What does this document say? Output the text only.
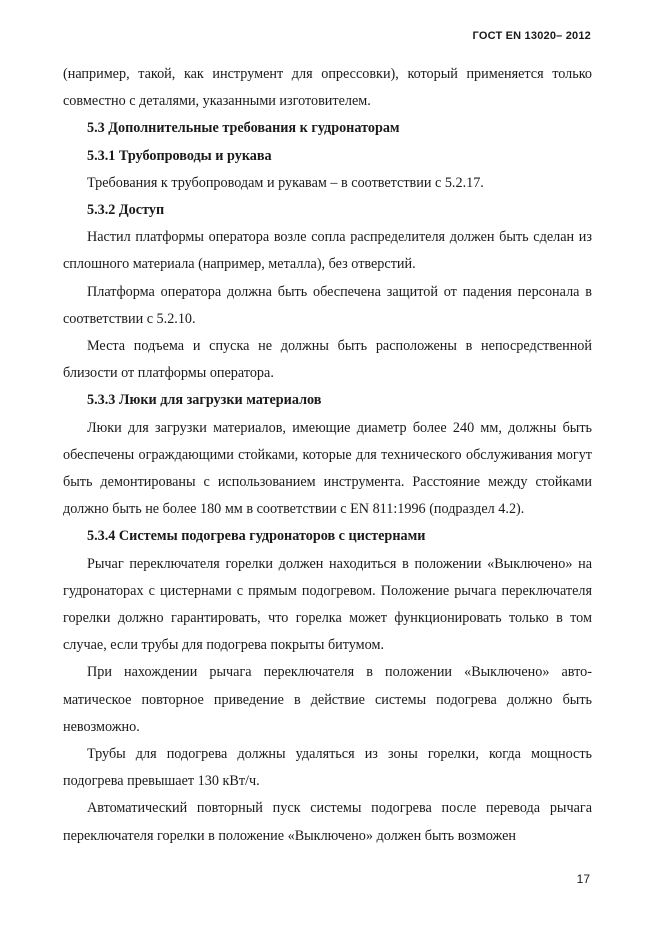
ГОСТ EN 13020– 2012

(например, такой, как инструмент для опрессовки), который применяется только совместно с деталями, указанными изготовителем.

5.3 Дополнительные требования к гудронаторам

5.3.1 Трубопроводы и рукава

Требования к трубопроводам и рукавам – в соответствии с 5.2.17.

5.3.2 Доступ

Настил платформы оператора возле сопла распределителя должен быть сделан из сплошного материала (например, металла), без отверстий.

Платформа оператора должна быть обеспечена защитой от падения персонала в соответствии с 5.2.10.

Места подъема и спуска не должны быть расположены в непосредственной близости от платформы оператора.

5.3.3 Люки для загрузки материалов

Люки для загрузки материалов, имеющие диаметр более 240 мм, должны быть обеспечены ограждающими стойками, которые для технического обслуживания могут быть демонтированы с использованием инструмента. Расстояние между стойками должно быть не более 180 мм в соответствии с EN 811:1996 (подраздел 4.2).

5.3.4 Системы подогрева гудронаторов с цистернами

Рычаг переключателя горелки должен находиться в положении «Выключено» на гудронаторах с цистернами с прямым подогревом. Положение рычага переключателя горелки должно гарантировать, что горелка может функционировать только в том случае, если трубы для подогрева покрыты битумом.

При нахождении рычага переключателя в положении «Выключено» автоматическое повторное приведение в действие системы подогрева должно быть невозможно.

Трубы для подогрева должны удаляться из зоны горелки, когда мощность подогрева превышает 130 кВт/ч.

Автоматический повторный пуск системы подогрева после перевода рычага переключателя горелки в положение «Выключено» должен быть возможен

17
